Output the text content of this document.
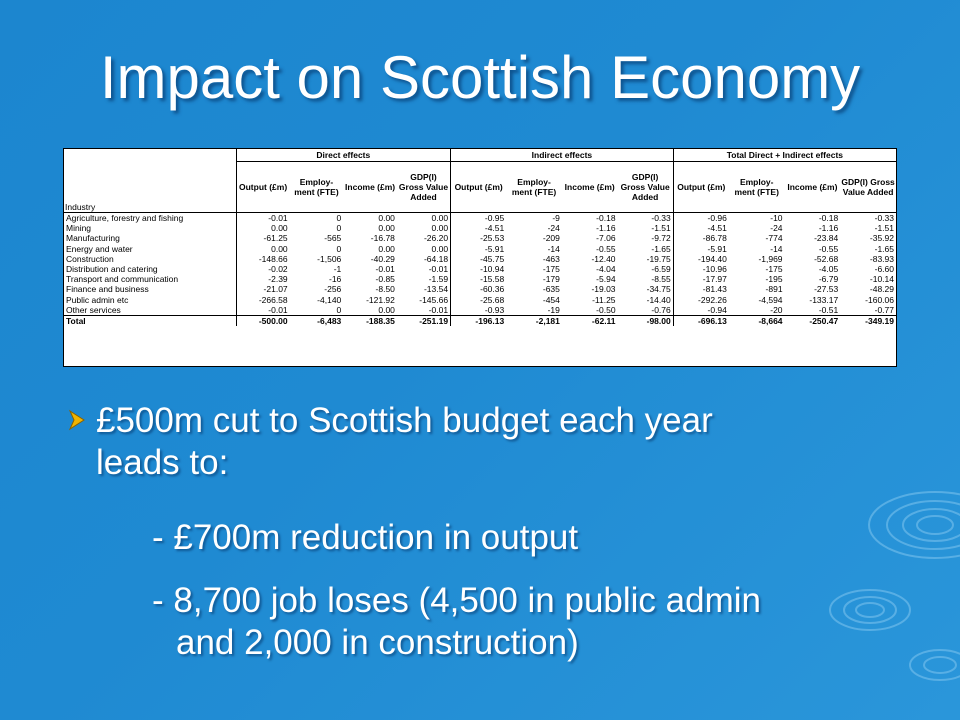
Impact on Scottish Economy
	Direct effects				Indirect effects				Total Direct + Indirect effects			
Industry	Output (£m)	Employ-ment (FTE)	Income (£m)	GDP(I) Gross Value Added	Output (£m)	Employ-ment (FTE)	Income (£m)	GDP(I) Gross Value Added	Output (£m)	Employ-ment (FTE)	Income (£m)	GDP(I) Gross Value Added
Agriculture, forestry and fishing	-0.01	0	0.00	0.00	-0.95	-9	-0.18	-0.33	-0.96	-10	-0.18	-0.33
Mining	0.00	0	0.00	0.00	-4.51	-24	-1.16	-1.51	-4.51	-24	-1.16	-1.51
Manufacturing	-61.25	-565	-16.78	-26.20	-25.53	-209	-7.06	-9.72	-86.78	-774	-23.84	-35.92
Energy and water	0.00	0	0.00	0.00	-5.91	-14	-0.55	-1.65	-5.91	-14	-0.55	-1.65
Construction	-148.66	-1,506	-40.29	-64.18	-45.75	-463	-12.40	-19.75	-194.40	-1,969	-52.68	-83.93
Distribution and catering	-0.02	-1	-0.01	-0.01	-10.94	-175	-4.04	-6.59	-10.96	-175	-4.05	-6.60
Transport and communication	-2.39	-16	-0.85	-1.59	-15.58	-179	-5.94	-8.55	-17.97	-195	-6.79	-10.14
Finance and business	-21.07	-256	-8.50	-13.54	-60.36	-635	-19.03	-34.75	-81.43	-891	-27.53	-48.29
Public admin etc	-266.58	-4,140	-121.92	-145.66	-25.68	-454	-11.25	-14.40	-292.26	-4,594	-133.17	-160.06
Other services	-0.01	0	0.00	-0.01	-0.93	-19	-0.50	-0.76	-0.94	-20	-0.51	-0.77
Total	-500.00	-6,483	-188.35	-251.19	-196.13	-2,181	-62.11	-98.00	-696.13	-8,664	-250.47	-349.19
£500m cut to Scottish budget each year
leads to:
- £700m reduction in output
- 8,700 job loses (4,500 in public admin
and 2,000 in construction)
